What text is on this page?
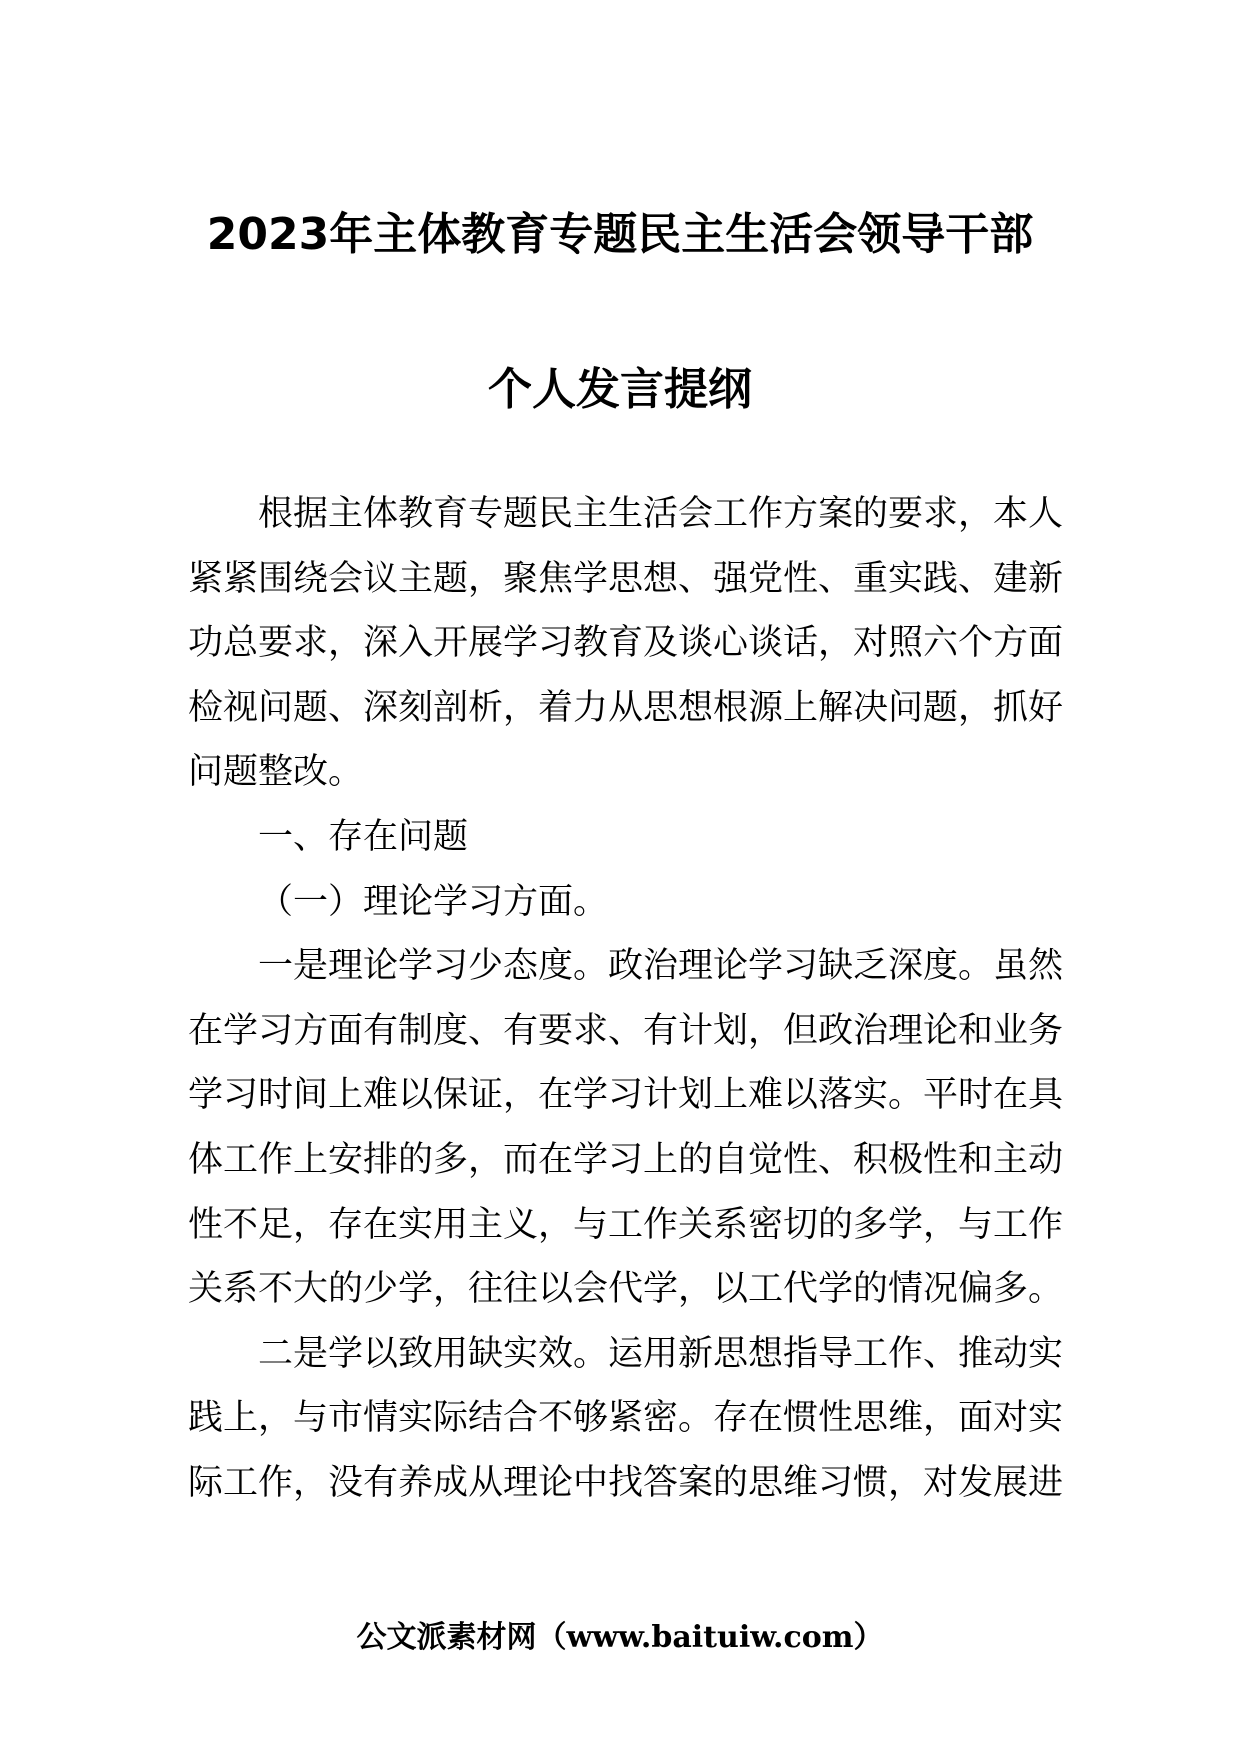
2023年主体教育专题民主生活会领导干部
个人发言提纲
根据主体教育专题民主生活会工作方案的要求，本人
紧紧围绕会议主题，聚焦学思想、强党性、重实践、建新
功总要求，深入开展学习教育及谈心谈话，对照六个方面
检视问题、深刻剖析，着力从思想根源上解决问题，抓好
问题整改。
一、存在问题
（一）理论学习方面。
一是理论学习少态度。政治理论学习缺乏深度。虽然
在学习方面有制度、有要求、有计划，但政治理论和业务
学习时间上难以保证，在学习计划上难以落实。平时在具
体工作上安排的多，而在学习上的自觉性、积极性和主动
性不足，存在实用主义，与工作关系密切的多学，与工作
关系不大的少学，往往以会代学，以工代学的情况偏多。
二是学以致用缺实效。运用新思想指导工作、推动实
践上，与市情实际结合不够紧密。存在惯性思维，面对实
际工作，没有养成从理论中找答案的思维习惯，对发展进
公文派素材网（www.baituiw.com）
